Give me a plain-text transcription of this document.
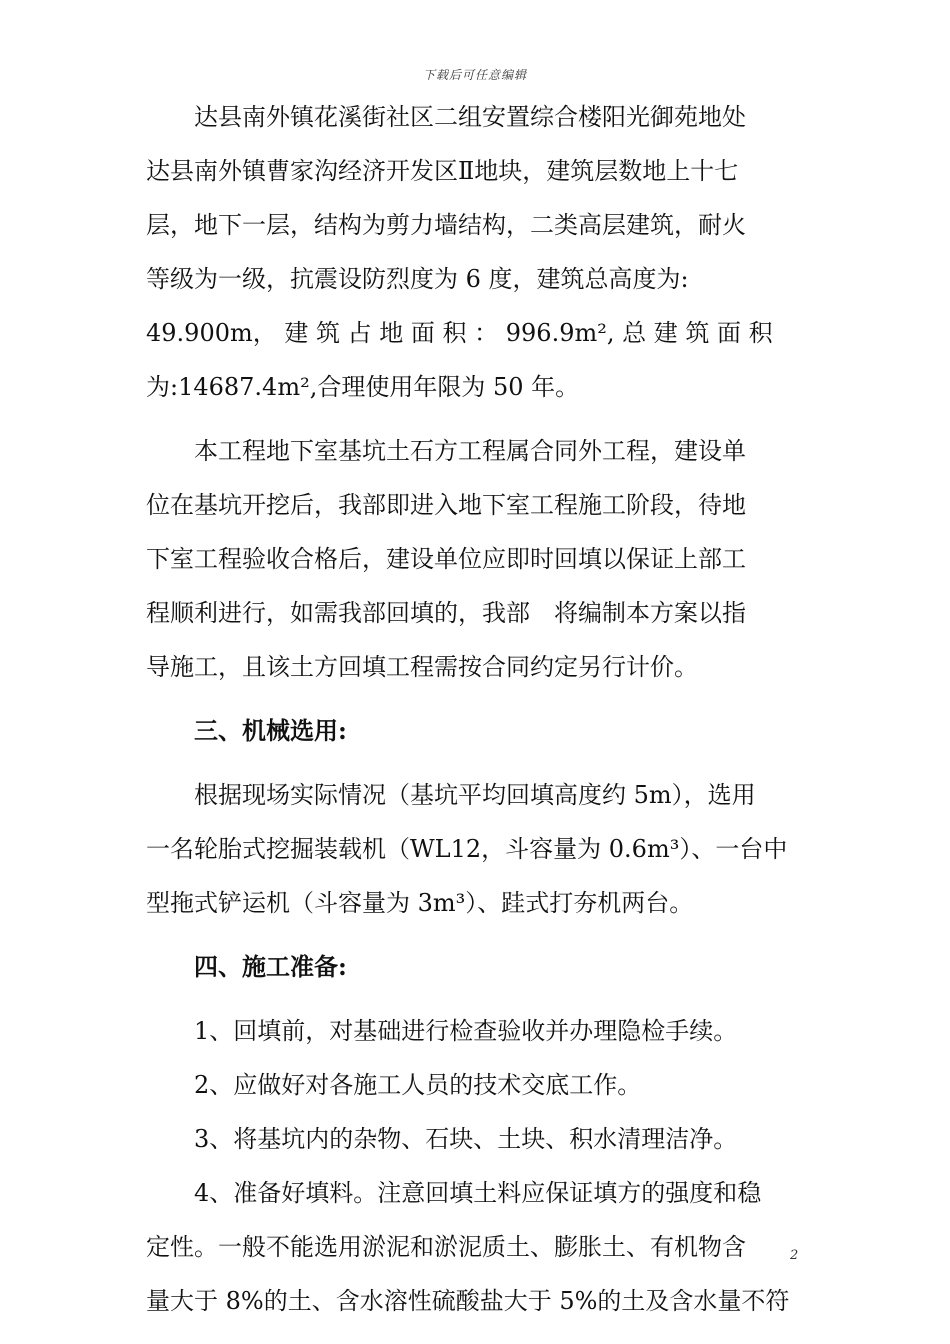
下载后可任意编辑
达县南外镇花溪街社区二组安置综合楼阳光御苑地处
达县南外镇曹家沟经济开发区Ⅱ地块，建筑层数地上十七
层，地下一层，结构为剪力墙结构，二类高层建筑，耐火
等级为一级，抗震设防烈度为 6 度，建筑总高度为:
49.900m， 建 筑 占 地 面 积 ： 996.9m², 总 建 筑 面 积
为:14687.4m²,合理使用年限为 50 年。
本工程地下室基坑土石方工程属合同外工程，建设单
位在基坑开挖后，我部即进入地下室工程施工阶段，待地
下室工程验收合格后，建设单位应即时回填以保证上部工
程顺利进行，如需我部回填的，我部　将编制本方案以指
导施工，且该土方回填工程需按合同约定另行计价。
三、机械选用:
根据现场实际情况（基坑平均回填高度约 5m），选用
一名轮胎式挖掘装载机（WL12，斗容量为 0.6m³）、一台中
型拖式铲运机（斗容量为 3m³）、跬式打夯机两台。
四、施工准备:
1、回填前，对基础进行检查验收并办理隐检手续。
2、应做好对各施工人员的技术交底工作。
3、将基坑内的杂物、石块、土块、积水清理洁净。
4、准备好填料。注意回填土料应保证填方的强度和稳
定性。一般不能选用淤泥和淤泥质土、膨胀土、有机物含
量大于 8%的土、含水溶性硫酸盐大于 5%的土及含水量不符
2
